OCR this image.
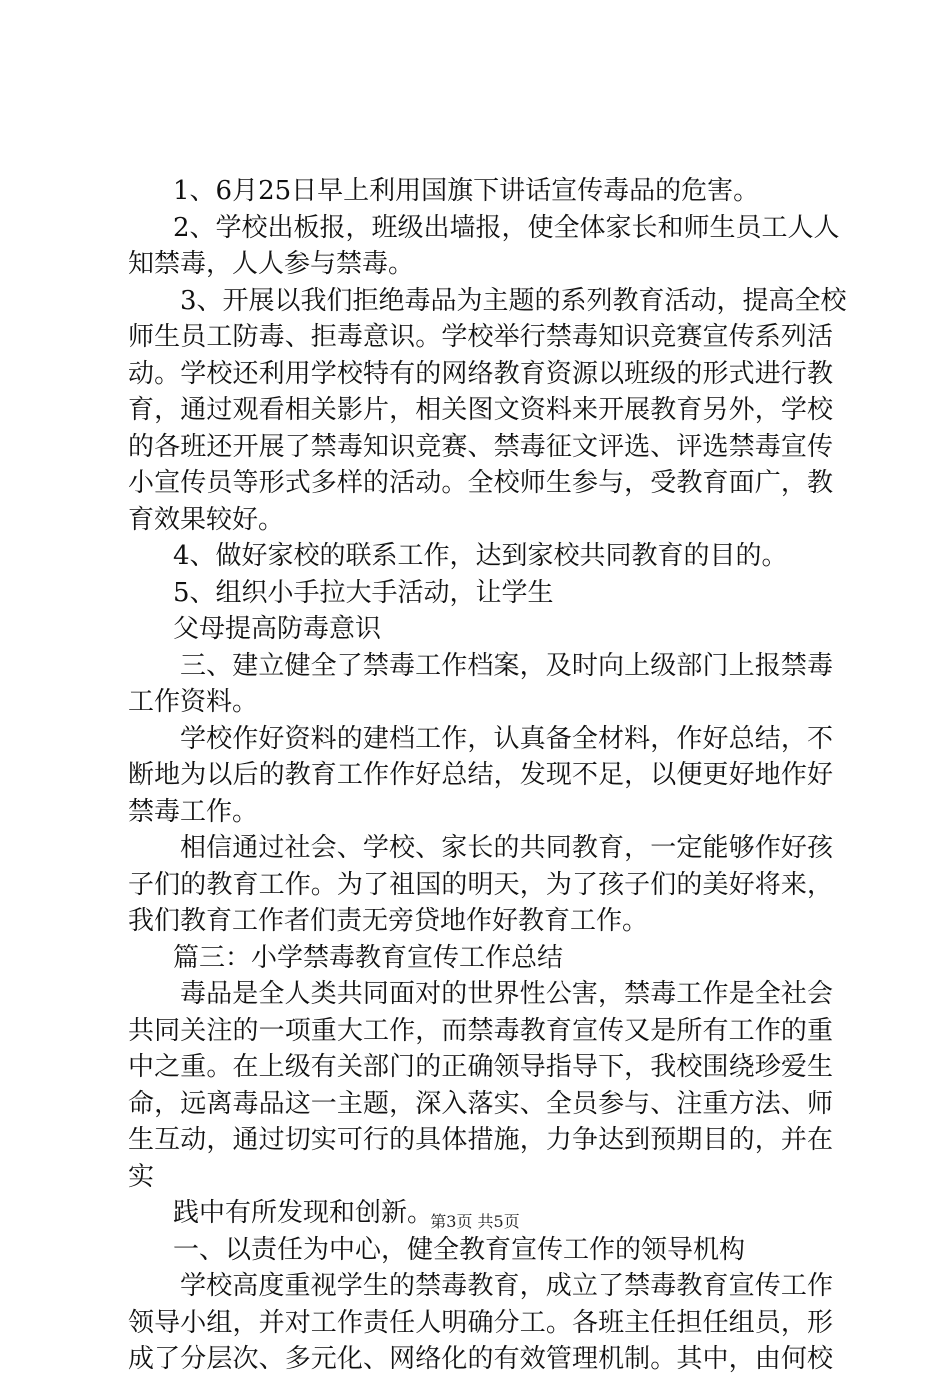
1、6月25日早上利用国旗下讲话宣传毒品的危害。
2、学校出板报，班级出墙报，使全体家长和师生员工人人
知禁毒，人人参与禁毒。
3、开展以我们拒绝毒品为主题的系列教育活动，提高全校
师生员工防毒、拒毒意识。学校举行禁毒知识竞赛宣传系列活
动。学校还利用学校特有的网络教育资源以班级的形式进行教
育，通过观看相关影片，相关图文资料来开展教育另外，学校
的各班还开展了禁毒知识竞赛、禁毒征文评选、评选禁毒宣传
小宣传员等形式多样的活动。全校师生参与，受教育面广，教
育效果较好。
4、做好家校的联系工作，达到家校共同教育的目的。
5、组织小手拉大手活动，让学生
父母提高防毒意识
三、建立健全了禁毒工作档案，及时向上级部门上报禁毒
工作资料。
学校作好资料的建档工作，认真备全材料，作好总结，不
断地为以后的教育工作作好总结，发现不足，以便更好地作好
禁毒工作。
相信通过社会、学校、家长的共同教育，一定能够作好孩
子们的教育工作。为了祖国的明天，为了孩子们的美好将来，
我们教育工作者们责无旁贷地作好教育工作。
篇三：小学禁毒教育宣传工作总结
毒品是全人类共同面对的世界性公害，禁毒工作是全社会
共同关注的一项重大工作，而禁毒教育宣传又是所有工作的重
中之重。在上级有关部门的正确领导指导下，我校围绕珍爱生
命，远离毒品这一主题，深入落实、全员参与、注重方法、师
生互动，通过切实可行的具体措施，力争达到预期目的，并在
实
践中有所发现和创新。
一、以责任为中心，健全教育宣传工作的领导机构
学校高度重视学生的禁毒教育，成立了禁毒教育宣传工作
领导小组，并对工作责任人明确分工。各班主任担任组员，形
成了分层次、多元化、网络化的有效管理机制。其中，由何校
第3页 共5页
